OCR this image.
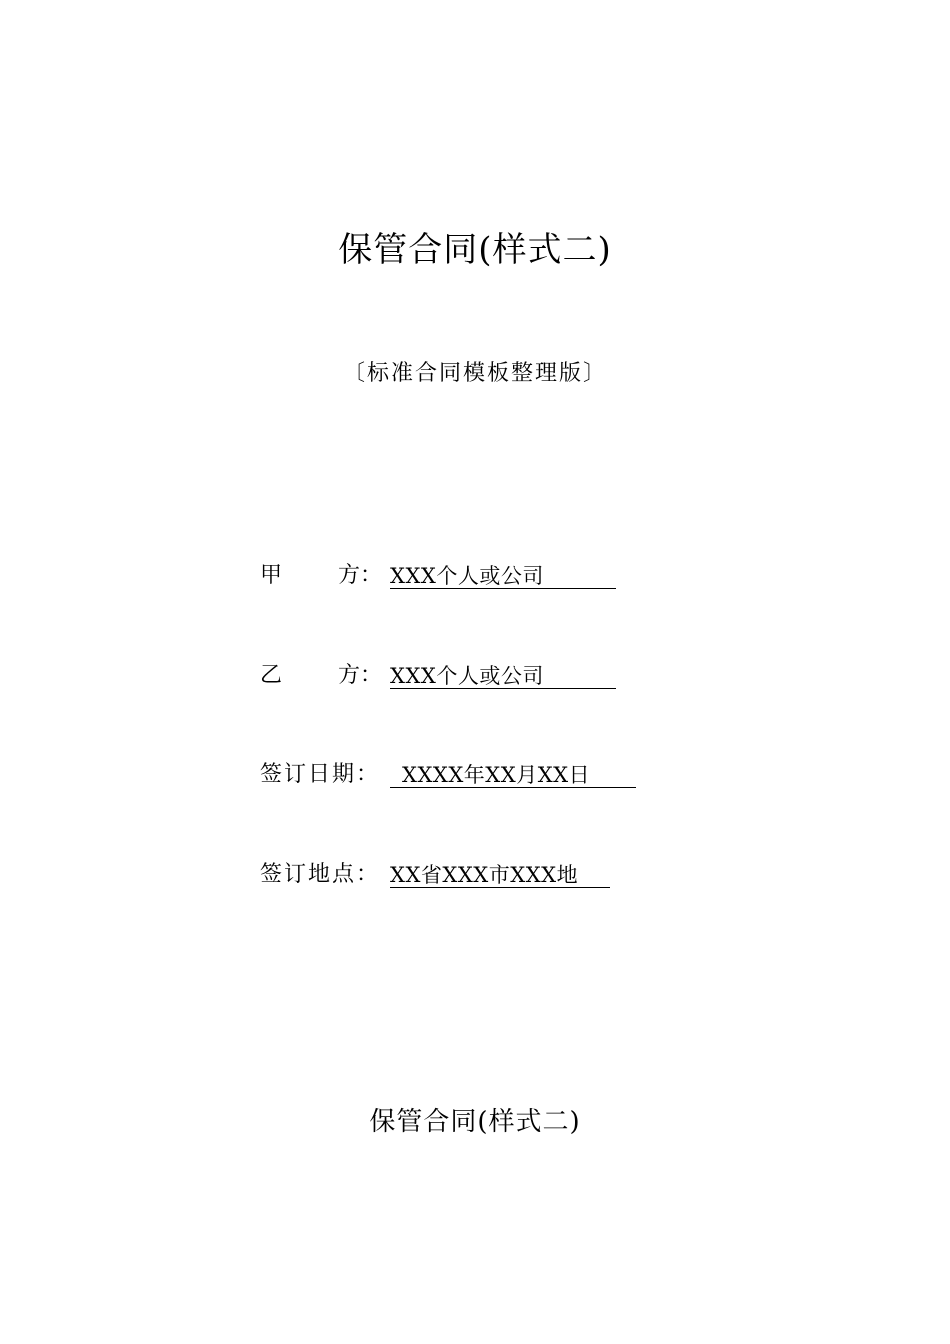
保管合同(样式二)
〔标准合同模板整理版〕
甲	方： XXX个人或公司
乙	方： XXX个人或公司
签订日期：	XXXX年XX月XX日
签订地点： XX省XXX市XXX地
保管合同(样式二)
